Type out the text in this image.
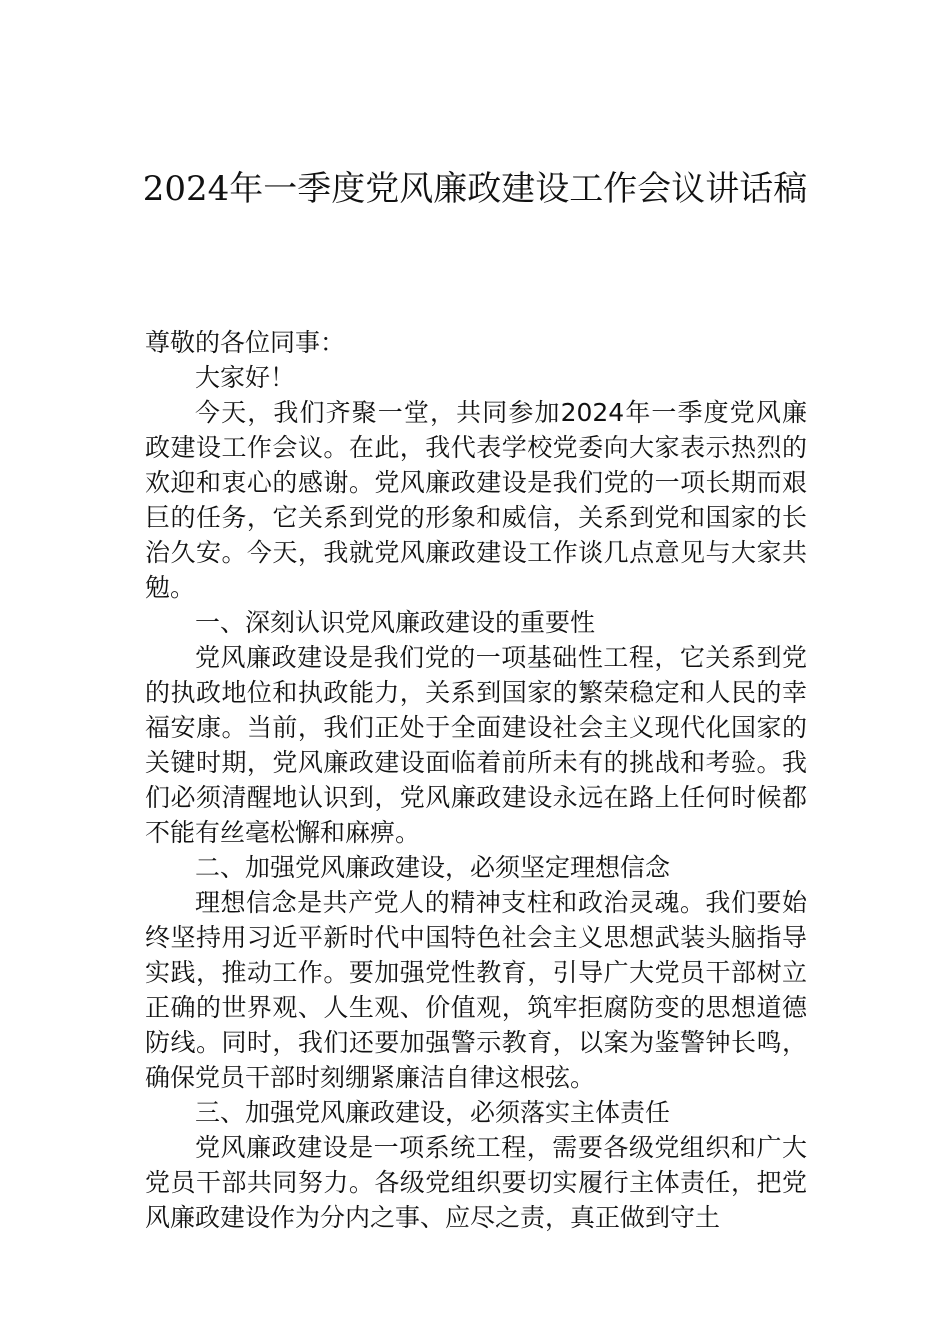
2024年一季度党风廉政建设工作会议讲话稿

尊敬的各位同事：

大家好！

今天，我们齐聚一堂，共同参加2024年一季度党风廉政建设工作会议。在此，我代表学校党委向大家表示热烈的欢迎和衷心的感谢。党风廉政建设是我们党的一项长期而艰巨的任务，它关系到党的形象和威信，关系到党和国家的长治久安。今天，我就党风廉政建设工作谈几点意见与大家共勉。

一、深刻认识党风廉政建设的重要性

党风廉政建设是我们党的一项基础性工程，它关系到党的执政地位和执政能力，关系到国家的繁荣稳定和人民的幸福安康。当前，我们正处于全面建设社会主义现代化国家的关键时期，党风廉政建设面临着前所未有的挑战和考验。我们必须清醒地认识到，党风廉政建设永远在路上任何时候都不能有丝毫松懈和麻痹。

二、加强党风廉政建设，必须坚定理想信念

理想信念是共产党人的精神支柱和政治灵魂。我们要始终坚持用习近平新时代中国特色社会主义思想武装头脑指导实践，推动工作。要加强党性教育，引导广大党员干部树立正确的世界观、人生观、价值观，筑牢拒腐防变的思想道德防线。同时，我们还要加强警示教育，以案为鉴警钟长鸣，确保党员干部时刻绷紧廉洁自律这根弦。

三、加强党风廉政建设，必须落实主体责任

党风廉政建设是一项系统工程，需要各级党组织和广大党员干部共同努力。各级党组织要切实履行主体责任，把党风廉政建设作为分内之事、应尽之责，真正做到守土
